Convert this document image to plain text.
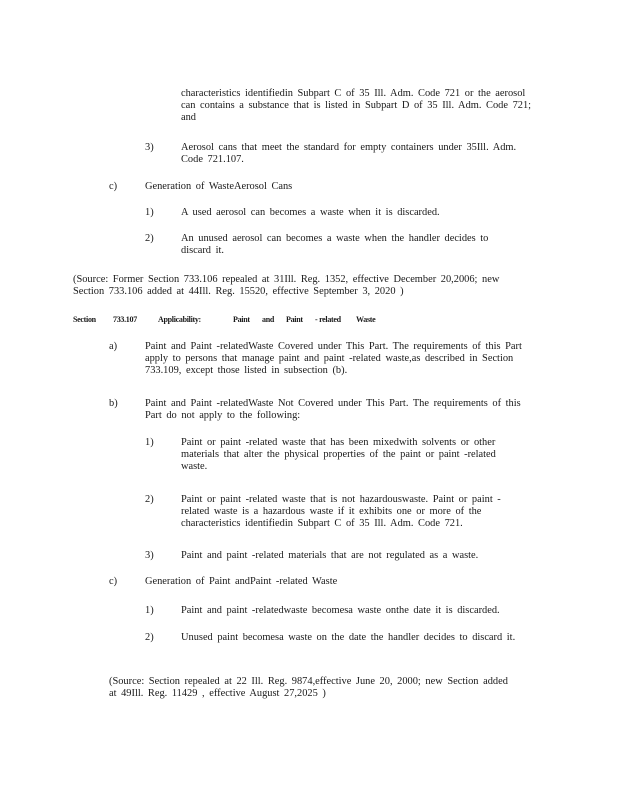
characteristics identifiedin Subpart C of 35 Ill. Adm. Code 721 or the aerosol can contains a substance that is listed in Subpart D of 35 Ill. Adm. Code 721; and

3)	Aerosol cans that meet the standard for empty containers under 35Ill. Adm. Code 721.107.

c)	Generation of WasteAerosol Cans

1)	A used aerosol can becomes a waste when it is discarded.

2)	An unused aerosol can becomes a waste when the handler decides to discard it.

(Source: Former Section 733.106 repealed at 31Ill. Reg. 1352, effective December 20,2006; new Section 733.106 added at 44Ill. Reg. 15520, effective September 3, 2020 )

Section 733.107	Applicability:	Paint and Paint - related Waste
a)	Paint and Paint -relatedWaste Covered under This Part. The requirements of this Part apply to persons that manage paint and paint -related waste,as described in Section 733.109, except those listed in subsection (b).

b)	Paint and Paint -relatedWaste Not Covered under This Part. The requirements of this Part do not apply to the following:

1)	Paint or paint -related waste that has been mixedwith solvents or other materials that alter the physical properties of the paint or paint -related waste.

2)	Paint or paint -related waste that is not hazardouswaste. Paint or paint - related waste is a hazardous waste if it exhibits one or more of the characteristics identifiedin Subpart C of 35 Ill. Adm. Code 721.

3)	Paint and paint -related materials that are not regulated as a waste.

c)	Generation of Paint andPaint -related Waste

1)	Paint and paint -relatedwaste becomesa waste onthe date it is discarded.

2)	Unused paint becomesa waste on the date the handler decides to discard it.

(Source: Section repealed at 22 Ill. Reg. 9874,effective June 20, 2000; new Section added at 49Ill. Reg. 11429 , effective August 27,2025 )
